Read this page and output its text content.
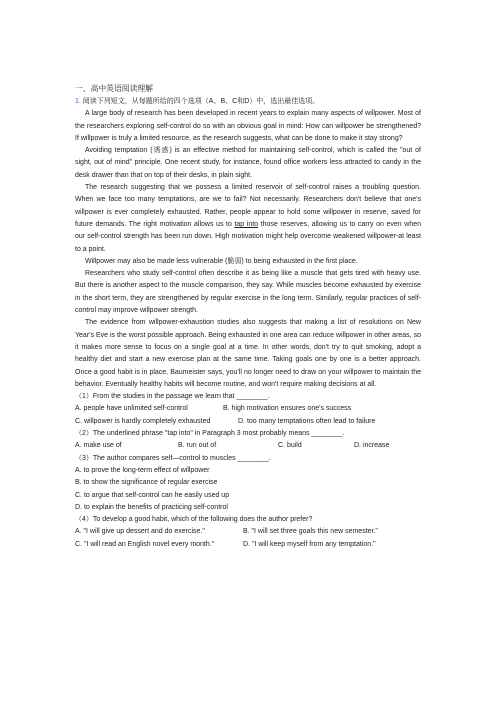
一、高中英语阅读理解
1. 阅读下列短文，从每题所给的四个选项（A、B、C和D）中，选出最佳选项。

A large body of research has been developed in recent years to explain many aspects of willpower. Most of the researchers exploring self-control do so with an obvious goal in mind: How can willpower be strengthened? If willpower is truly a limited resource, as the research suggests, what can be done to make it stay strong?

Avoiding temptation (诱惑) is an effective method for maintaining self-control, which is called the "out of sight, out of mind" principle. One recent study, for instance, found office workers less attracted to candy in the desk drawer than that on top of their desks, in plain sight.

The research suggesting that we possess a limited reservoir of self-control raises a troubling question. When we face too many temptations, are we to fail? Not necessarily. Researchers don't believe that one's willpower is ever completely exhausted. Rather, people appear to hold some willpower in reserve, saved for future demands. The right motivation allows us to tap into those reserves, allowing us to carry on even when our self-control strength has been run down. High motivation might help overcome weakened willpower-at least to a point.

Willpower may also be made less vulnerable (脆弱) to being exhausted in the first place.

Researchers who study self-control often describe it as being like a muscle that gets tired with heavy use. But there is another aspect to the muscle comparison, they say. While muscles become exhausted by exercise in the short term, they are strengthened by regular exercise in the long term. Similarly, regular practices of self-control may improve willpower strength.

The evidence from willpower-exhaustion studies also suggests that making a list of resolutions on New Year's Eve is the worst possible approach. Being exhausted in one area can reduce willpower in other areas, so it makes more sense to focus on a single goal at a time. In other words, don't try to quit smoking, adopt a healthy diet and start a new exercise plan at the same time. Taking goals one by one is a better approach. Once a good habit is in place, Baumeister says, you'll no longer need to draw on your willpower to maintain the behavior. Eventually healthy habits will become routine, and won't require making decisions at all.

（1）From the studies in the passage we learn that ________.
A. people have unlimited self-control	B. high motivation ensures one's success
C. willpower is hardly completely exhausted	D. too many temptations often lead to failure
（2）The underlined phrase "tap into" in Paragraph 3 most probably means ________.
A. make use of	B. run out of	C. build	D. increase
（3）The author compares self—control to muscles ________.
A. to prove the long-term effect of willpower
B. to show the significance of regular exercise
C. to argue that self-control can he easily used up
D. to explain the benefits of practicing self-control
（4）To develop a good habit, which of the following does the author prefer?
A. "I will give up dessert and do exercise."	B. "I will set three goals this new semester."
C. "I will read an English novel every month."	D. "I will keep myself from any temptation."
